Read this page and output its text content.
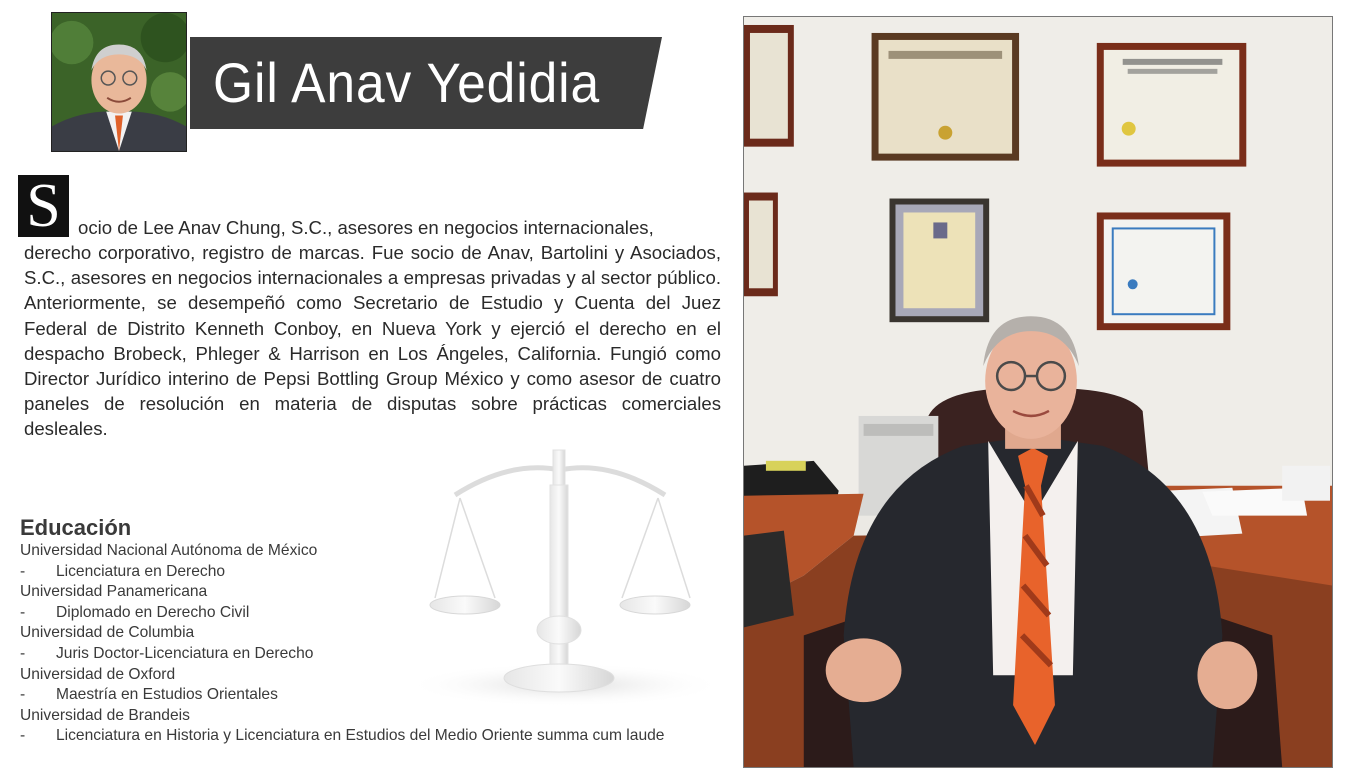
Gil Anav Yedidia
S ocio de Lee Anav Chung, S.C., asesores en negocios internacionales,

derecho corporativo, registro de marcas. Fue socio de Anav, Bartolini y Asociados, S.C., asesores en negocios internacionales a empresas privadas y al sector público. Anteriormente, se desempeñó como Secretario de Estudio y Cuenta del Juez Federal de Distrito Kenneth Conboy, en Nueva York y ejerció el derecho en el despacho Brobeck, Phleger & Harrison en Los Ángeles, California. Fungió como Director Jurídico interino de Pepsi Bottling Group México y como asesor de cuatro paneles de resolución en materia de disputas sobre prácticas comerciales desleales.

Educación
Universidad Nacional Autónoma de México
- Licenciatura en Derecho
Universidad Panamericana
- Diplomado en Derecho Civil
Universidad de Columbia
- Juris Doctor-Licenciatura en Derecho
Universidad de Oxford
- Maestría en Estudios Orientales
Universidad de Brandeis
- Licenciatura en Historia y Licenciatura en Estudios del Medio Oriente summa cum laude
